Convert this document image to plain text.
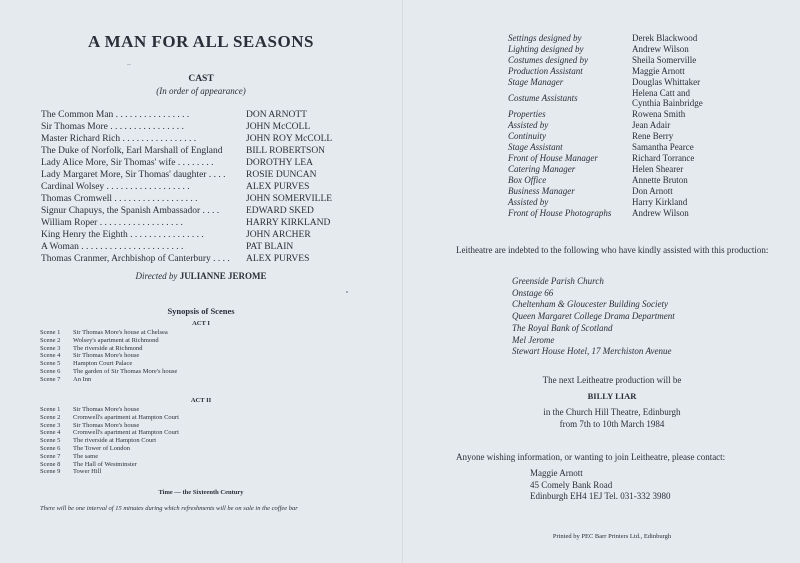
A MAN FOR ALL SEASONS
CAST
(In order of appearance)
The Common Man . . . . . . . . . . . . . . . .	DON ARNOTT
Sir Thomas More . . . . . . . . . . . . . . . .	JOHN McCOLL
Master Richard Rich . . . . . . . . . . . . . . . .	JOHN ROY McCOLL
The Duke of Norfolk, Earl Marshall of England	BILL ROBERTSON
Lady Alice More, Sir Thomas' wife . . . . . . . .	DOROTHY LEA
Lady Margaret More, Sir Thomas' daughter . . . .	ROSIE DUNCAN
Cardinal Wolsey . . . . . . . . . . . . . . . . . .	ALEX PURVES
Thomas Cromwell . . . . . . . . . . . . . . . . . .	JOHN SOMERVILLE
Signur Chapuys, the Spanish Ambassador . . . .	EDWARD SKED
William Roper . . . . . . . . . . . . . . . . . .	HARRY KIRKLAND
King Henry the Eighth . . . . . . . . . . . . . . . .	JOHN ARCHER
A Woman . . . . . . . . . . . . . . . . . . . . . .	PAT BLAIN
Thomas Cranmer, Archbishop of Canterbury . . . .	ALEX PURVES
Directed by JULIANNE JEROME
Synopsis of Scenes
ACT I
Scene 1	Sir Thomas More's house at Chelsea
Scene 2	Wolsey's apartment at Richmond
Scene 3	The riverside at Richmond
Scene 4	Sir Thomas More's house
Scene 5	Hampton Court Palace
Scene 6	The garden of Sir Thomas More's house
Scene 7	An Inn
ACT II
Scene 1	Sir Thomas More's house
Scene 2	Cromwell's apartment at Hampton Court
Scene 3	Sir Thomas More's house
Scene 4	Cromwell's apartment at Hampton Court
Scene 5	The riverside at Hampton Court
Scene 6	The Tower of London
Scene 7	The same
Scene 8	The Hall of Westminster
Scene 9	Tower Hill
Time — the Sixteenth Century
There will be one interval of 15 minutes during which refreshments will be on sale in the coffee bar
Settings designed by	Derek Blackwood
Lighting designed by	Andrew Wilson
Costumes designed by	Sheila Somerville
Production Assistant	Maggie Arnott
Stage Manager	Douglas Whittaker
Costume Assistants
Helena Catt and
Cynthia Bainbridge
Properties	Rowena Smith
Assisted by	Jean Adair
Continuity	Rene Berry
Stage Assistant	Samantha Pearce
Front of House Manager	Richard Torrance
Catering Manager	Helen Shearer
Box Office	Annette Bruton
Business Manager	Don Arnott
Assisted by	Harry Kirkland
Front of House Photographs	Andrew Wilson
Leitheatre are indebted to the following who have kindly assisted with this production:
Greenside Parish Church
Onstage 66
Cheltenham & Gloucester Building Society
Queen Margaret College Drama Department
The Royal Bank of Scotland
Mel Jerome
Stewart House Hotel, 17 Merchiston Avenue
The next Leitheatre production will be
BILLY LIAR
in the Church Hill Theatre, Edinburgh
from 7th to 10th March 1984
Anyone wishing information, or wanting to join Leitheatre, please contact:
Maggie Arnott
45 Comely Bank Road
Edinburgh EH4 1EJ Tel. 031-332 3980
Printed by PEC Barr Printers Ltd., Edinburgh
